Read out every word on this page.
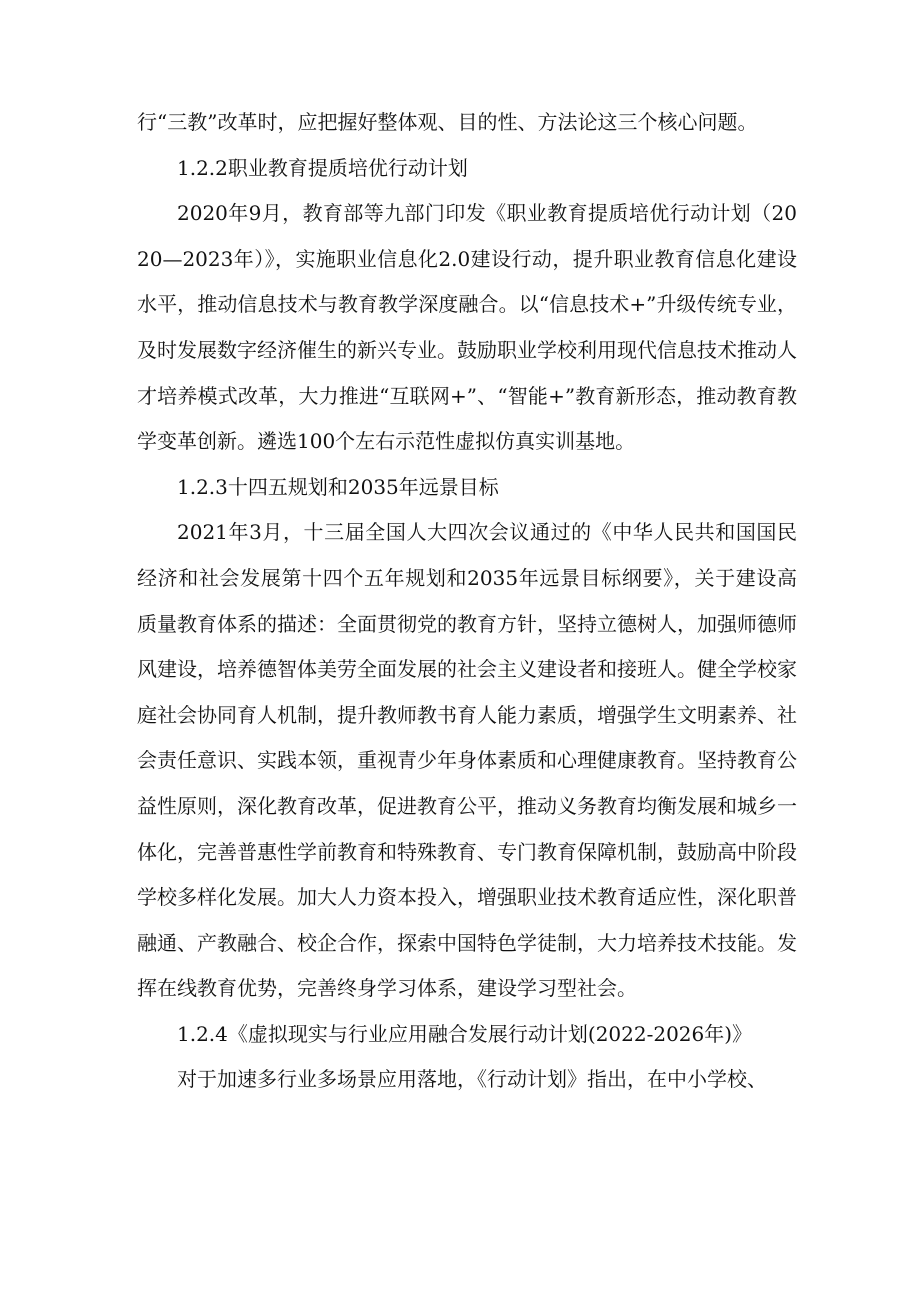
行“三教”改革时，应把握好整体观、目的性、方法论这三个核心问题。

1.2.2职业教育提质培优行动计划

2020年9月，教育部等九部门印发《职业教育提质培优行动计划（2020—2023年）》，实施职业信息化2.0建设行动，提升职业教育信息化建设水平，推动信息技术与教育教学深度融合。以“信息技术+”升级传统专业，及时发展数字经济催生的新兴专业。鼓励职业学校利用现代信息技术推动人才培养模式改革，大力推进“互联网+”、“智能+”教育新形态，推动教育教学变革创新。遴选100个左右示范性虚拟仿真实训基地。

1.2.3十四五规划和2035年远景目标

2021年3月，十三届全国人大四次会议通过的《中华人民共和国国民经济和社会发展第十四个五年规划和2035年远景目标纲要》，关于建设高质量教育体系的描述：全面贯彻党的教育方针，坚持立德树人，加强师德师风建设，培养德智体美劳全面发展的社会主义建设者和接班人。健全学校家庭社会协同育人机制，提升教师教书育人能力素质，增强学生文明素养、社会责任意识、实践本领，重视青少年身体素质和心理健康教育。坚持教育公益性原则，深化教育改革，促进教育公平，推动义务教育均衡发展和城乡一体化，完善普惠性学前教育和特殊教育、专门教育保障机制，鼓励高中阶段学校多样化发展。加大人力资本投入，增强职业技术教育适应性，深化职普融通、产教融合、校企合作，探索中国特色学徒制，大力培养技术技能。发挥在线教育优势，完善终身学习体系，建设学习型社会。

1.2.4《虚拟现实与行业应用融合发展行动计划(2022-2026年)》

对于加速多行业多场景应用落地，《行动计划》指出，在中小学校、
